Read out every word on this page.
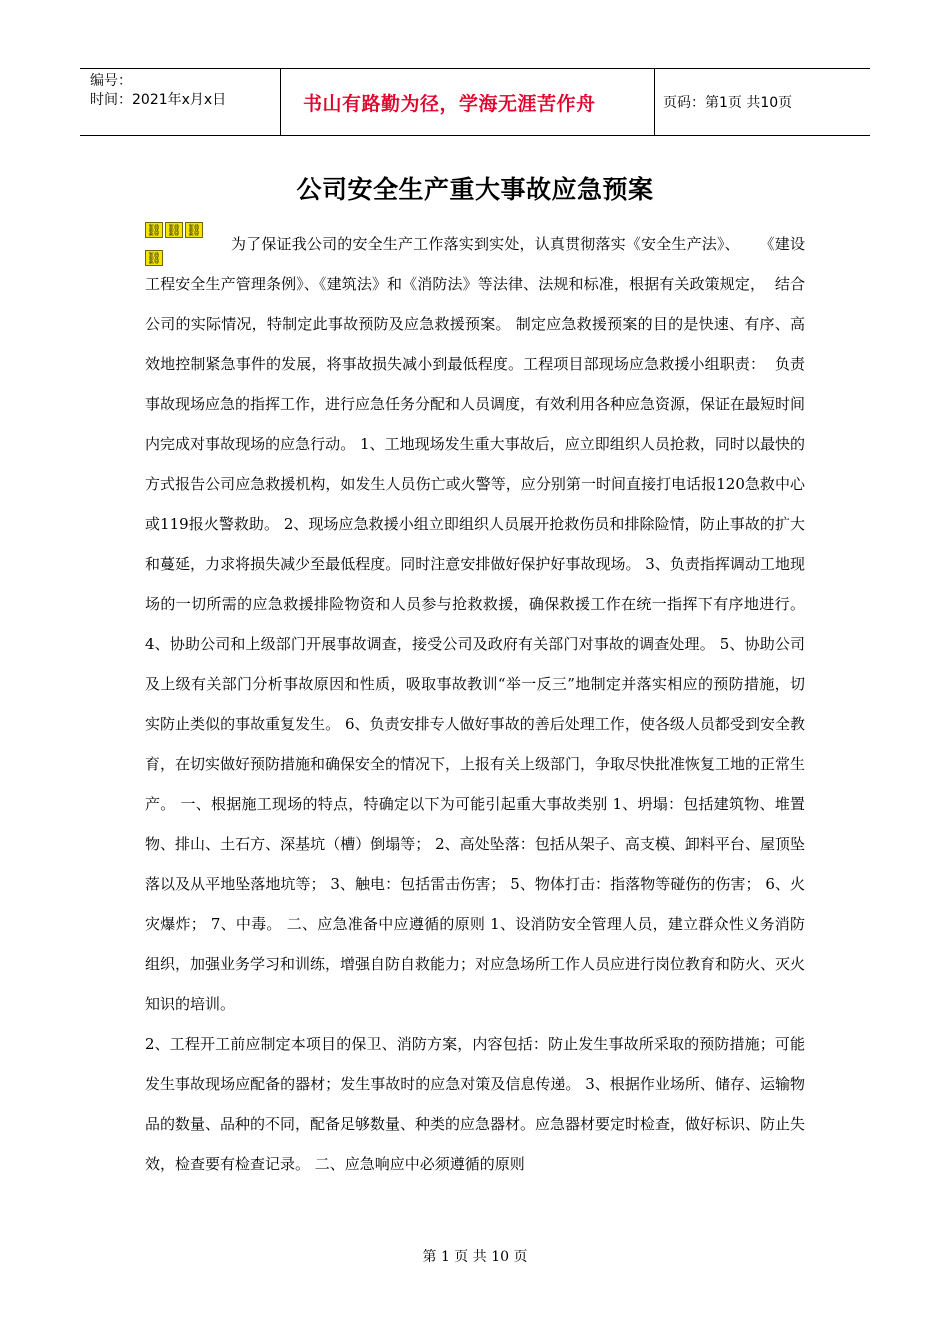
编号：
时间：2021年x月x日	书山有路勤为径，学海无涯苦作舟	页码：第1页 共10页
公司安全生产重大事故应急预案
⛓ ⛓ ⛓
⛓
为了保证我公司的安全生产工作落实到实处，认真贯彻落实《安全生产法》、    《建设工程安全生产管理条例》、《建筑法》和《消防法》等法律、法规和标准，根据有关政策规定，  结合公司的实际情况，特制定此事故预防及应急救援预案。 制定应急救援预案的目的是快速、有序、高效地控制紧急事件的发展，将事故损失减小到最低程度。工程项目部现场应急救援小组职责：  负责事故现场应急的指挥工作，进行应急任务分配和人员调度，有效利用各种应急资源，保证在最短时间内完成对事故现场的应急行动。 1、工地现场发生重大事故后，应立即组织人员抢救，同时以最快的方式报告公司应急救援机构，如发生人员伤亡或火警等，应分别第一时间直接打电话报120急救中心或119报火警救助。 2、现场应急救援小组立即组织人员展开抢救伤员和排除险情，防止事故的扩大和蔓延，力求将损失减少至最低程度。同时注意安排做好保护好事故现场。 3、负责指挥调动工地现场的一切所需的应急救援排险物资和人员参与抢救救援，确保救援工作在统一指挥下有序地进行。 4、协助公司和上级部门开展事故调查，接受公司及政府有关部门对事故的调查处理。 5、协助公司及上级有关部门分析事故原因和性质，吸取事故教训“举一反三”地制定并落实相应的预防措施，切实防止类似的事故重复发生。 6、负责安排专人做好事故的善后处理工作，使各级人员都受到安全教育，在切实做好预防措施和确保安全的情况下，上报有关上级部门，争取尽快批准恢复工地的正常生产。 一、根据施工现场的特点，特确定以下为可能引起重大事故类别 1、坍塌：包括建筑物、堆置物、排山、土石方、深基坑（槽）倒塌等； 2、高处坠落：包括从架子、高支模、卸料平台、屋顶坠落以及从平地坠落地坑等； 3、触电：包括雷击伤害； 5、物体打击：指落物等碰伤的伤害； 6、火灾爆炸； 7、中毒。 二、应急准备中应遵循的原则 1、设消防安全管理人员，建立群众性义务消防组织，加强业务学习和训练，增强自防自救能力；对应急场所工作人员应进行岗位教育和防火、灭火知识的培训。
2、工程开工前应制定本项目的保卫、消防方案，内容包括：防止发生事故所采取的预防措施；可能发生事故现场应配备的器材；发生事故时的应急对策及信息传递。 3、根据作业场所、储存、运输物品的数量、品种的不同，配备足够数量、种类的应急器材。应急器材要定时检查，做好标识、防止失效，检查要有检查记录。 二、应急响应中必须遵循的原则
第 1 页 共 10 页
